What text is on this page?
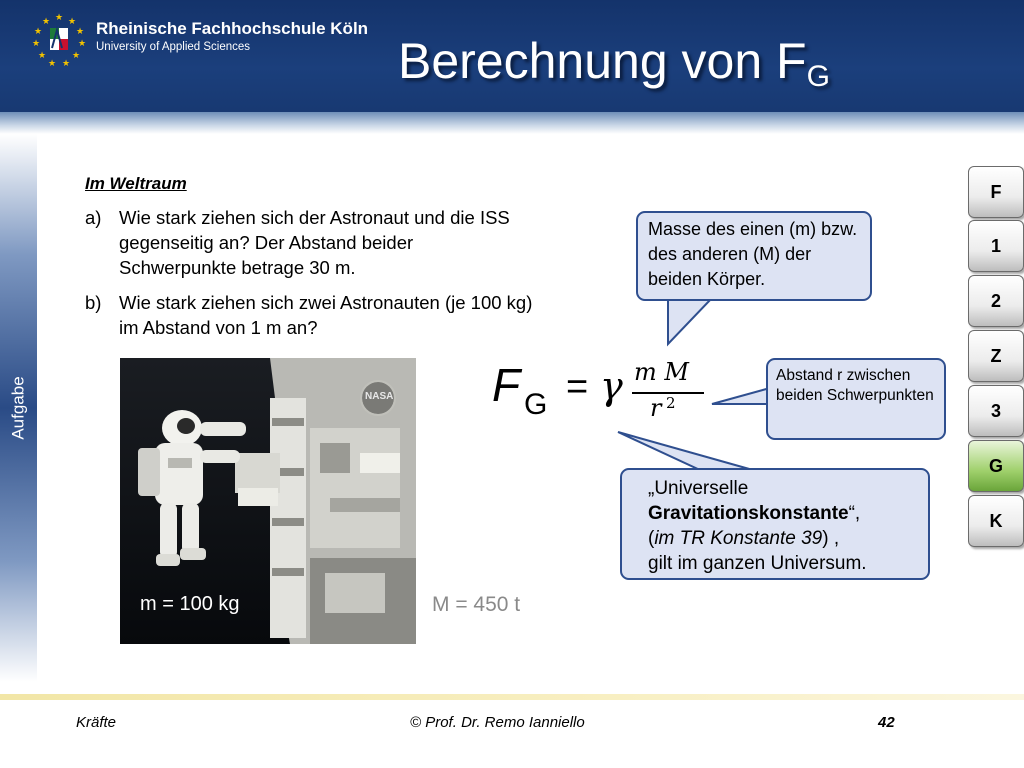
★ ★
★
★
★
★
★
★
★
★
★	Rheinische Fachhochschule Köln
University of Applied Sciences	Berechnung von $F_G$
Aufgabe
Im Weltraum
a) Wie stark ziehen sich der Astronaut und die ISS gegenseitig an? Der Abstand beider Schwerpunkte betrage 30 m.
b) Wie stark ziehen sich zwei Astronauten (je 100 kg) im Abstand von 1 m an?
NASA
m = 100 kg	M = 450 t
F G = γ m M
r 2
Masse des einen (m) bzw. des anderen (M) der beiden Körper.
Abstand r zwischen beiden Schwerpunkten
„Universelle
Gravitationskonstante“,
(im TR Konstante 39) ,
gilt im ganzen Universum.
F
1
2
Z
3
G
K
Kräfte	© Prof. Dr. Remo Ianniello	42
